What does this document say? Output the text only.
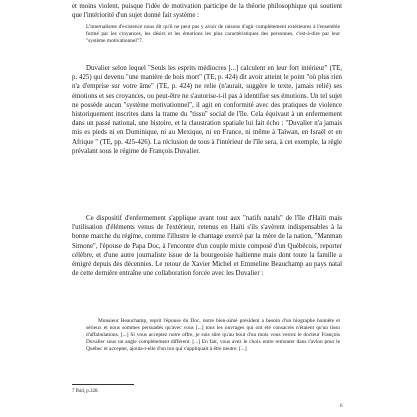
et moins violent, puisque l'idée de motivation participe de la théorie philosophique qui soutient que l'intériorité d'un sujet donné fait système :

L'internalisme d'existence nous dit qu'il ne peut pas y avoir de raisons d'agir complètement extérieures à l'ensemble formé par les croyances, les désirs et les émotions les plus caractéristiques des personnes, c'est-à-dire par leur "système motivationnel"7.

Duvalier selon lequel "Seuls les esprits médiocres [...] calculent en leur fort intérieur" (TE, p. 425) qui devenu "une manière de bois mort" (TE, p. 424) dit avoir atteint le point "où plus rien n'a d'emprise sur votre âme" (TE, p. 424) ne relie (n'aurait, suggère le texte, jamais relié) ses émotions et ses croyances, ou peut-être ne s'autorise-t-il pas à identifier ses émotions. Un tel sujet ne possède aucun "système motivationnel", il agit en conformité avec des pratiques de violence historiquement inscrites dans la trame du "tissu" social de l'île. Cela équivaut à un enfermement dans un passé national, une histoire, et la claustration spatiale lui fait écho : "Duvalier n'a jamais mis es pieds ni en Dominique, ni au Mexique, ni en France, ni même à Taïwan, en Israël et en Afrique " (TE, pp. 425-426). La réclusion de tous à l'intérieur de l'île sera, à cet exemple, la règle prévalant sous le régime de François Duvalier.

Ce dispositif d'enfermement s'applique avant tout aux "natifs natals" de l'île d'Haïti mais l'utilisation d'éléments venus de l'extérieur, retenus en Haïti s'ils s'avèrent indispensables à la bonne marche du régime, comme l'illustre le chantage exercé par la mère de la nation, "Manman Simone", l'épouse de Papa Doc, à l'encontre d'un couple mixte composé d'un Québécois, reporter célèbre, et d'une autre journaliste issue de la bourgeoisie haïtienne mais dont toute la famille a émigré depuis des décennies. Le retour de Xavier Michel et Emmeline Beauchamp au pays natal de cette dernière entraîne une collaboration forcée avec les Duvalier :

Monsieur Beauchamp, reprit l'épouse du Doc, notre bien-aimé président a besoin d'un biographe honnête et sérieux et nous sommes persuadés qu'avec vous [...] tous les ouvrages qui ont été consacrés n'étaient qu'un tissu d'affabulations. [...] Si vous acceptez notre offre, je suis sûre qu'au bout d'un mois vous verrez le docteur François Duvalier sous un angle complètement différent. [...] En fait, vous avez le choix entre remonter dans l'avion pour le Québec et accepter, ajouta-t-elle d'un ton qui s'appliquait à être neutre. [...]

7 Ibid, p.328.

6
